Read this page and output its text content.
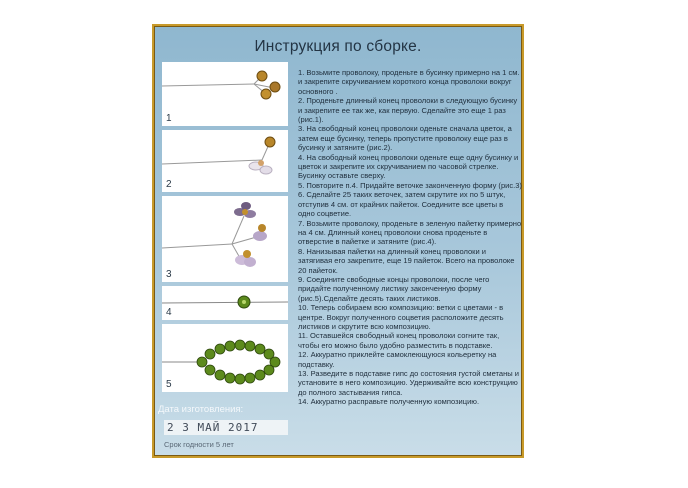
Инструкция по сборке.
1
2
3
4
5
Дата изготовления:
2 3 МАЙ 2017
Срок годности 5 лет
1. Возьмите проволоку, проденьте в бусинку примерно на 1 см. и закрепите скручиванием короткого конца проволоки вокруг основного .
2. Проденьте длинный конец проволоки в следующую бусинку и закрепите ее так же, как первую. Сделайте это еще 1 раз (рис.1).
3. На свободный конец проволоки оденьте сначала цветок, а затем еще бусинку, теперь пропустите проволоку еще раз в бусинку и затяните (рис.2).
4. На свободный конец проволоки оденьте еще одну бусинку и цветок и закрепите их скручиванием по часовой стрелке. Бусинку оставьте сверху.
5. Повторите п.4. Придайте веточке законченную форму (рис.3)
6. Сделайте 25 таких веточек, затем скрутите их по 5 штук, отступив 4 см. от крайних пайеток. Соедините все цветы в одно соцветие.
7. Возьмите проволоку, проденьте в зеленую пайетку примерно на 4 см. Длинный конец проволоки снова проденьте в отверстие в пайетке и затяните (рис.4).
8. Нанизывая пайетки на длинный конец проволоки и затягивая его закрепите, еще 19 пайеток. Всего на проволоке 20 пайеток.
9. Соедините свободные концы проволоки, после чего придайте полученному листику законченную форму (рис.5).Сделайте десять таких листиков.
10. Теперь собираем всю композицию: ветки с цветами - в центре. Вокруг полученного соцветия расположите десять листиков и скрутите всю композицию.
11. Оставшейся свободный конец проволоки согните так, чтобы его можно было удобно разместить в подставке.
12. Аккуратно приклейте самоклеющуюся кольеретку на подставку.
13. Разведите в подставке гипс до состояния густой сметаны и установите в него композицию. Удерживайте всю конструкцию до полного застывания гипса.
14. Аккуратно расправьте полученную композицию.
